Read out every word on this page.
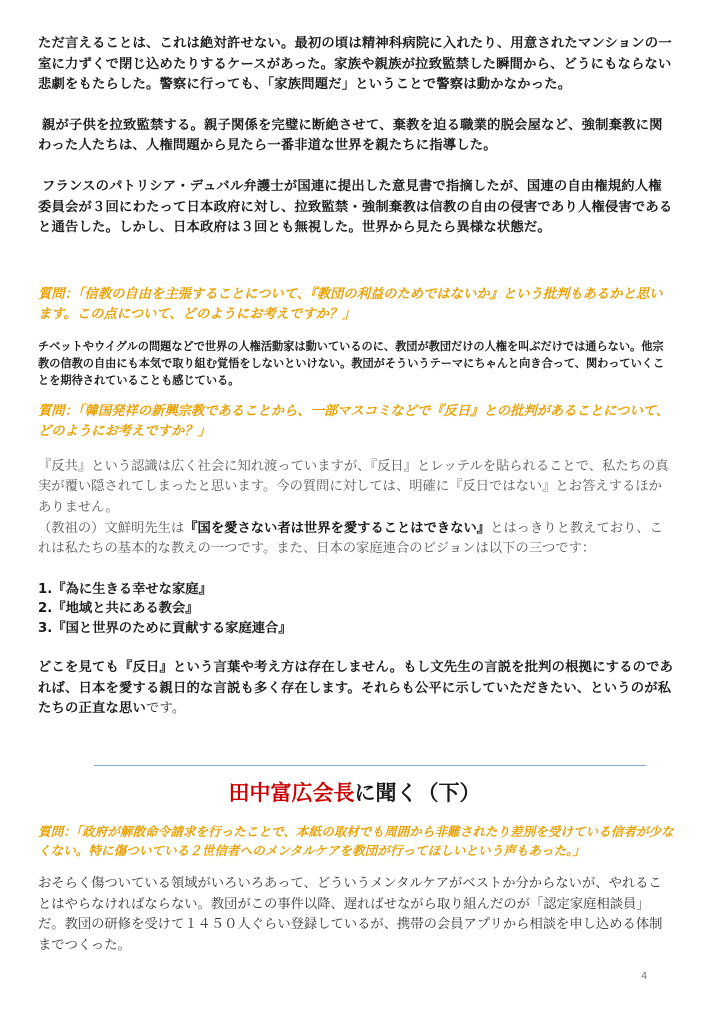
ただ言えることは、これは絶対許せない。最初の頃は精神科病院に入れたり、用意されたマンションの一室に力ずくで閉じ込めたりするケースがあった。家族や親族が拉致監禁した瞬間から、どうにもならない悲劇をもたらした。警察に行っても、「家族問題だ」ということで警察は動かなかった。

親が子供を拉致監禁する。親子関係を完璧に断絶させて、棄教を迫る職業的脱会屋など、強制棄教に関わった人たちは、人権問題から見たら一番非道な世界を親たちに指導した。

フランスのパトリシア・デュバル弁護士が国連に提出した意見書で指摘したが、国連の自由権規約人権委員会が３回にわたって日本政府に対し、拉致監禁・強制棄教は信教の自由の侵害であり人権侵害であると通告した。しかし、日本政府は３回とも無視した。世界から見たら異様な状態だ。

質問：「信教の自由を主張することについて、『教団の利益のためではないか』という批判もあるかと思います。この点について、どのようにお考えですか？」

チベットやウイグルの問題などで世界の人権活動家は動いているのに、教団が教団だけの人権を叫ぶだけでは通らない。他宗教の信教の自由にも本気で取り組む覚悟をしないといけない。教団がそういうテーマにちゃんと向き合って、関わっていくことを期待されていることも感じている。

質問：「韓国発祥の新興宗教であることから、一部マスコミなどで『反日』との批判があることについて、どのようにお考えですか？」

『反共』という認識は広く社会に知れ渡っていますが、『反日』とレッテルを貼られることで、私たちの真実が覆い隠されてしまったと思います。今の質問に対しては、明確に『反日ではない』とお答えするほかありません。

（教祖の）文鮮明先生は『国を愛さない者は世界を愛することはできない』とはっきりと教えており、これは私たちの基本的な教えの一つです。また、日本の家庭連合のビジョンは以下の三つです：

1.『為に生きる幸せな家庭』
2.『地域と共にある教会』
3.『国と世界のために貢献する家庭連合』

どこを見ても『反日』という言葉や考え方は存在しません。もし文先生の言説を批判の根拠にするのであれば、日本を愛する親日的な言説も多く存在します。それらも公平に示していただきたい、というのが私たちの正直な思いです。

田中富広会長に聞く（下）

質問：「政府が解散命令請求を行ったことで、本紙の取材でも周囲から非難されたり差別を受けている信者が少なくない。特に傷ついている２世信者へのメンタルケアを教団が行ってほしいという声もあった。」

おそらく傷ついている領域がいろいろあって、どういうメンタルケアがベストか分からないが、やれることはやらなければならない。教団がこの事件以降、遅ればせながら取り組んだのが「認定家庭相談員」だ。教団の研修を受けて１４５０人ぐらい登録しているが、携帯の会員アプリから相談を申し込める体制までつくった。

4
